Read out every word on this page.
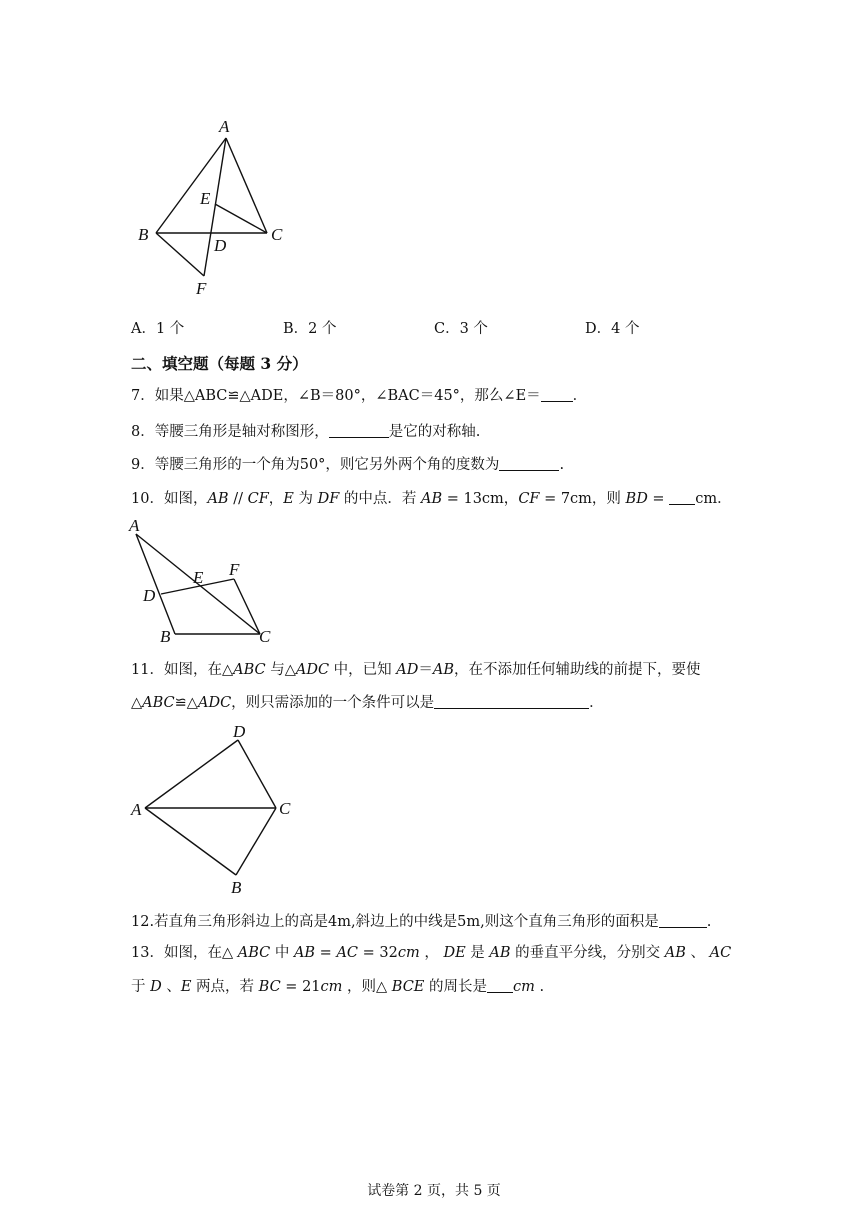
A
E
B	C
D
F
A．1 个	B．2 个	C．3 个	D．4 个
二、填空题（每题 3 分）
7．如果△ABC≌△ADE，∠B＝80°，∠BAC＝45°，那么∠E＝ ．
8．等腰三角形是轴对称图形，	是它的对称轴.
9．等腰三角形的一个角为50°，则它另外两个角的度数为	.
10．如图，AB // CF，E 为 DF 的中点．若 AB = 13cm，CF = 7cm，则 BD = cm．
A
E F
D
B	C
11．如图，在△ABC 与△ADC 中，已知 AD＝AB，在不添加任何辅助线的前提下，要使
△ABC≌△ADC，则只需添加的一个条件可以是	．
D
A	C
B
12.若直角三角形斜边上的高是4m,斜边上的中线是5m,则这个直角三角形的面积是	.
13．如图，在△ ABC 中 AB = AC = 32cm ， DE 是 AB 的垂直平分线，分别交 AB 、 AC
于 D 、E 两点，若 BC = 21cm ，则△ BCE 的周长是 cm .
试卷第 2 页，共 5 页
